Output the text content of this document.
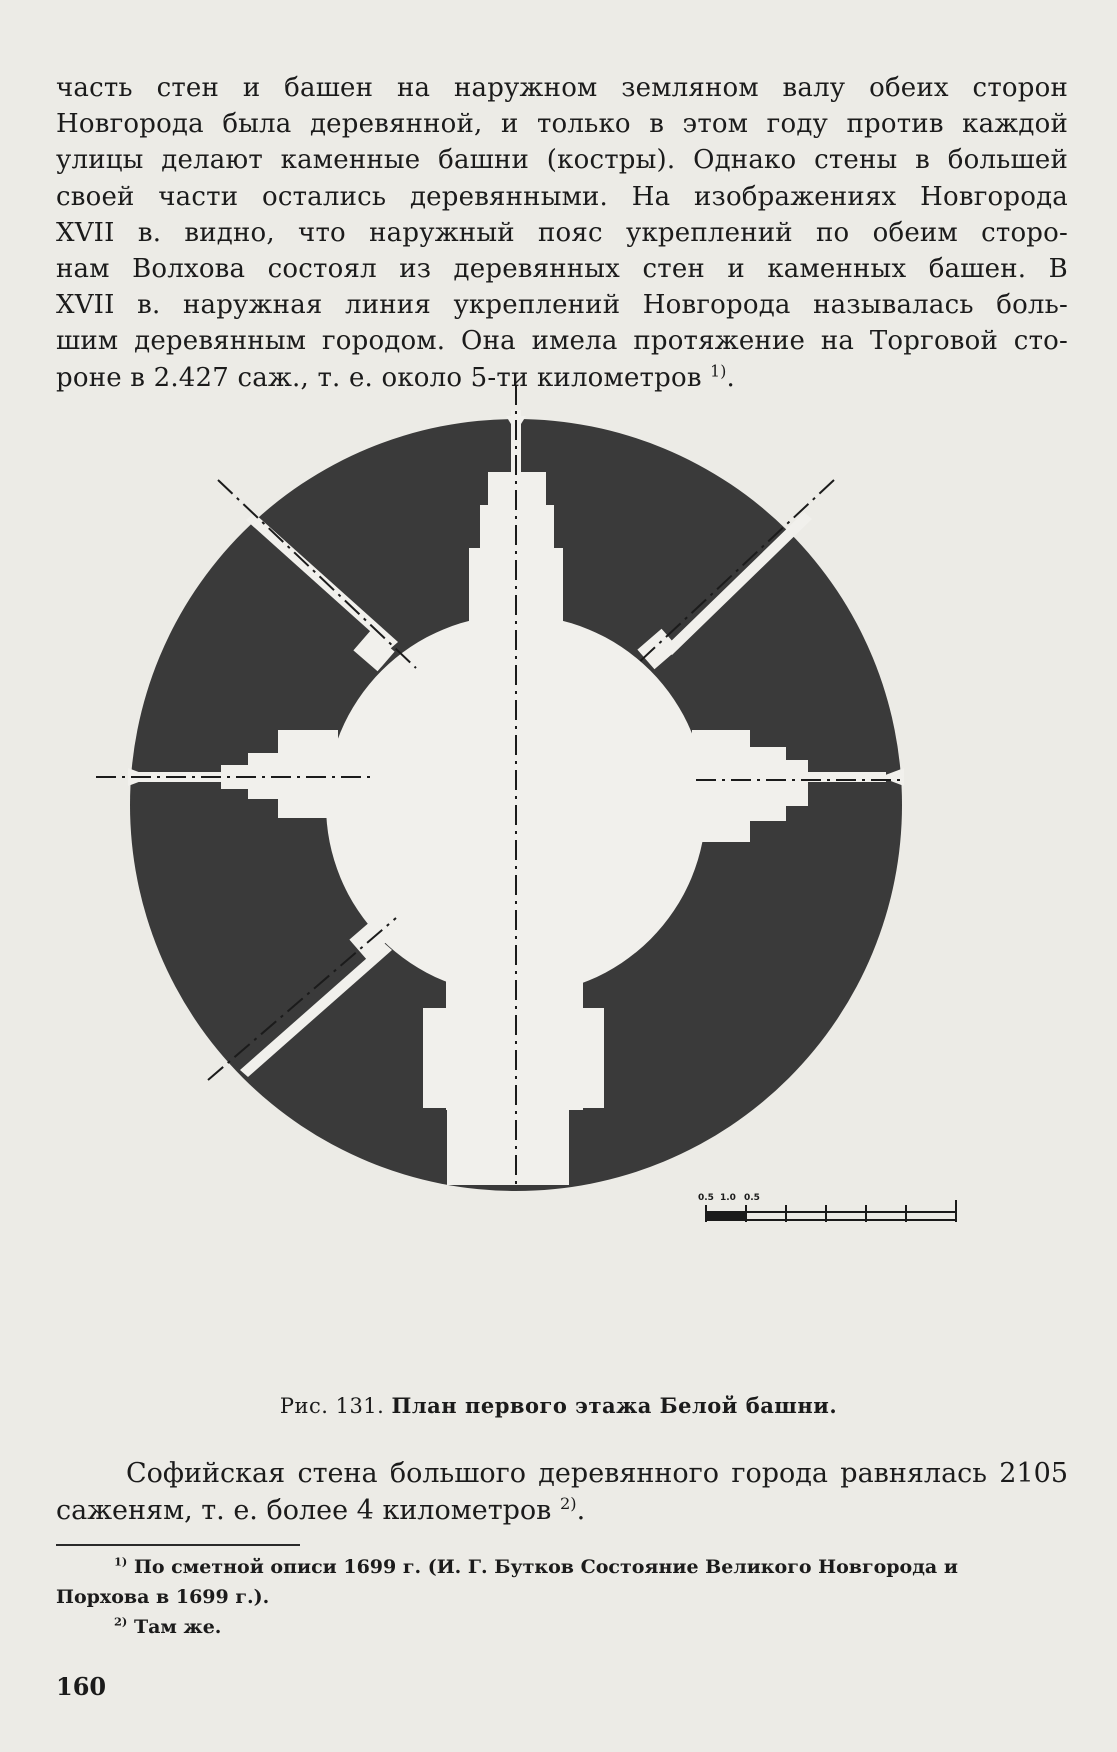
часть стен и башен на наружном земляном валу обеих сторон
Новгорода была деревянной, и только в этом году против каждой
улицы делают каменные башни (костры). Однако стены в большей
своей части остались деревянными. На изображениях Новгорода
XVII в. видно, что наружный пояс укреплений по обеим сторо-
нам Волхова состоял из деревянных стен и каменных башен. В
XVII в. наружная линия укреплений Новгорода называлась боль-
шим деревянным городом. Она имела протяжение на Торговой сто-
роне в 2.427 саж., т. е. около 5-ти километров $^{1)}$.
0.5 1.0 0.5
Рис. 131. План первого этажа Белой башни.
Софийская стена большого деревянного города равнялась 2105
саженям, т. е. более 4 километров $^{2)}$.
$^{1)}$ По сметной описи 1699 г. (И. Г. Бутков Состояние Великого Новгорода и
Порхова в 1699 г.).
$^{2)}$ Там же.
160
